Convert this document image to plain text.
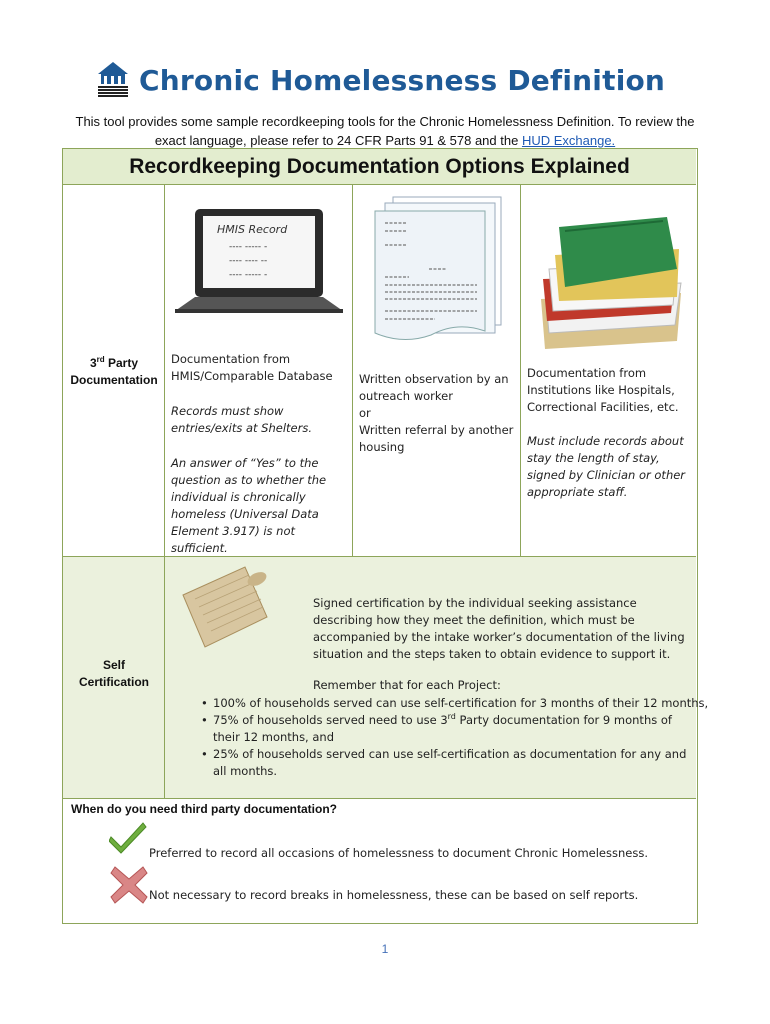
Chronic Homelessness Definition
This tool provides some sample recordkeeping tools for the Chronic Homelessness Definition. To review the
exact language, please refer to 24 CFR Parts 91 & 578 and the HUD Exchange.
Recordkeeping Documentation Options Explained
3rd Party
Documentation
HMIS Record
---- ----- -
---- ---- --
---- ----- -
Documentation from HMIS/Comparable Database
Records must show entries/exits at Shelters.
An answer of “Yes” to the question as to whether the individual is chronically homeless (Universal Data Element 3.917) is not sufficient.
Written observation by an outreach worker
or
Written referral by another housing
Documentation from Institutions like Hospitals, Correctional Facilities, etc.
Must include records about stay the length of stay, signed by Clinician or other appropriate staff.
Self
Certification
Signed certification by the individual seeking assistance describing how they meet the definition, which must be accompanied by the intake worker’s documentation of the living situation and the steps taken to obtain evidence to support it.
Remember that for each Project:
• 100% of households served can use self-certification for 3 months of their 12 months,
• 75% of households served need to use 3rd Party documentation for 9 months of their 12 months, and
• 25% of households served can use self-certification as documentation for any and all months.
When do you need third party documentation?
Preferred to record all occasions of homelessness to document Chronic Homelessness.
Not necessary to record breaks in homelessness, these can be based on self reports.
1
